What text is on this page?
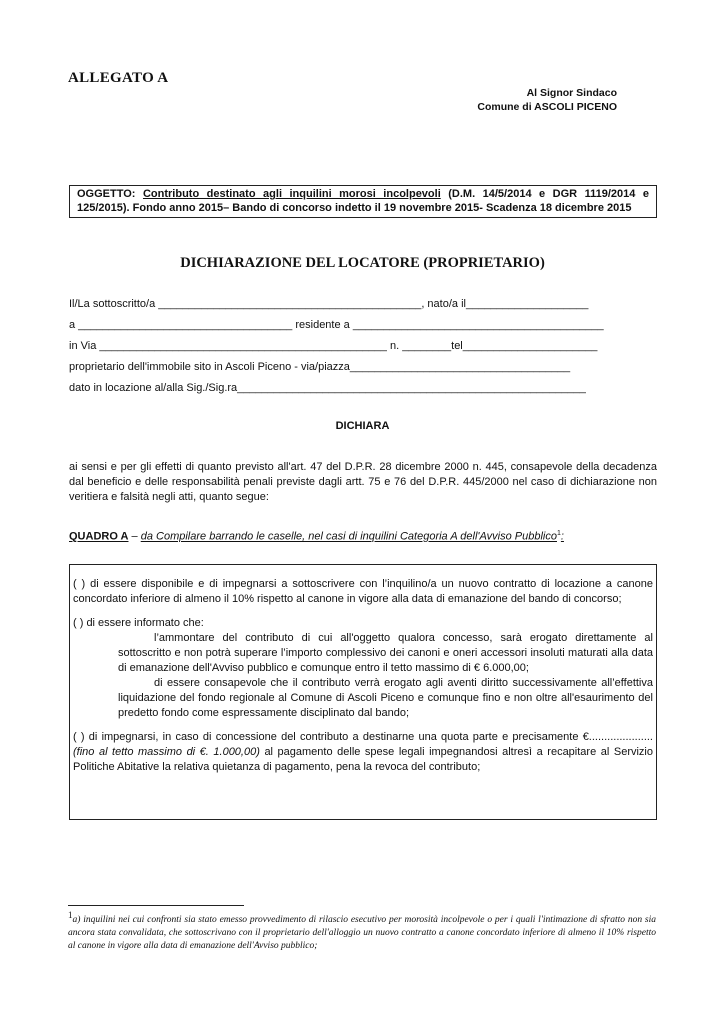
ALLEGATO A
Al Signor Sindaco
Comune di ASCOLI PICENO
OGGETTO: Contributo destinato agli inquilini morosi incolpevoli (D.M. 14/5/2014 e DGR 1119/2014 e 125/2015). Fondo anno 2015– Bando di concorso indetto il 19 novembre 2015- Scadenza 18 dicembre 2015
DICHIARAZIONE DEL LOCATORE (PROPRIETARIO)
Il/La sottoscritto/a ___________________________________________, nato/a il____________________
a ___________________________________ residente a _________________________________________
in Via _______________________________________________ n. ________tel______________________
proprietario dell'immobile sito in Ascoli Piceno - via/piazza____________________________________
dato in locazione al/alla Sig./Sig.ra_________________________________________________________
DICHIARA
ai sensi e per gli effetti di quanto previsto all'art. 47 del D.P.R. 28 dicembre 2000 n. 445, consapevole della decadenza dal beneficio e delle responsabilità penali previste dagli artt. 75 e 76 del D.P.R. 445/2000 nel caso di dichiarazione non veritiera e falsità negli atti, quanto segue:
QUADRO A – da Compilare barrando le caselle, nel casi di inquilini Categoria A dell'Avviso Pubblico$^1$:

( ) di essere disponibile e di impegnarsi a sottoscrivere con l’inquilino/a un nuovo contratto di locazione a canone concordato inferiore di almeno il 10% rispetto al canone in vigore alla data di emanazione del bando di concorso;

( ) di essere informato che:

l’ammontare del contributo di cui all'oggetto qualora concesso, sarà erogato direttamente al sottoscritto e non potrà superare l’importo complessivo dei canoni e oneri accessori insoluti maturati alla data di emanazione dell'Avviso pubblico e comunque entro il tetto massimo di € 6.000,00;

di essere consapevole che il contributo verrà erogato agli aventi diritto successivamente all’effettiva liquidazione del fondo regionale al Comune di Ascoli Piceno e comunque fino e non oltre all'esaurimento del predetto fondo come espressamente disciplinato dal bando;

( ) di impegnarsi, in caso di concessione del contributo a destinarne una quota parte e precisamente €..................... (fino al tetto massimo di €. 1.000,00) al pagamento delle spese legali impegnandosi altresì a recapitare al Servizio Politiche Abitative la relativa quietanza di pagamento, pena la revoca del contributo;

$^1$a) inquilini nei cui confronti sia stato emesso provvedimento di rilascio esecutivo per morosità incolpevole o per i quali l'intimazione di sfratto non sia ancora stata convalidata, che sottoscrivano con il proprietario dell'alloggio un nuovo contratto a canone concordato inferiore di almeno il 10% rispetto al canone in vigore alla data di emanazione dell'Avviso pubblico;
